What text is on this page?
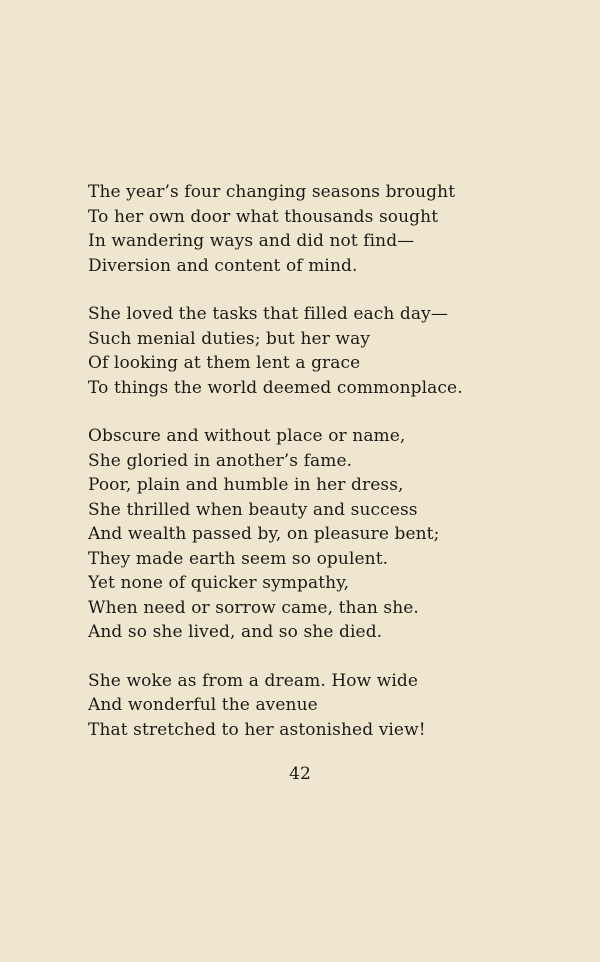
The year’s four changing seasons brought
To her own door what thousands sought
In wandering ways and did not find—
Diversion and content of mind.
She loved the tasks that filled each day—
Such menial duties; but her way
Of looking at them lent a grace
To things the world deemed commonplace.
Obscure and without place or name,
She gloried in another’s fame.
Poor, plain and humble in her dress,
She thrilled when beauty and success
And wealth passed by, on pleasure bent;
They made earth seem so opulent.
Yet none of quicker sympathy,
When need or sorrow came, than she.
And so she lived, and so she died.
She woke as from a dream. How wide
And wonderful the avenue
That stretched to her astonished view!
42
